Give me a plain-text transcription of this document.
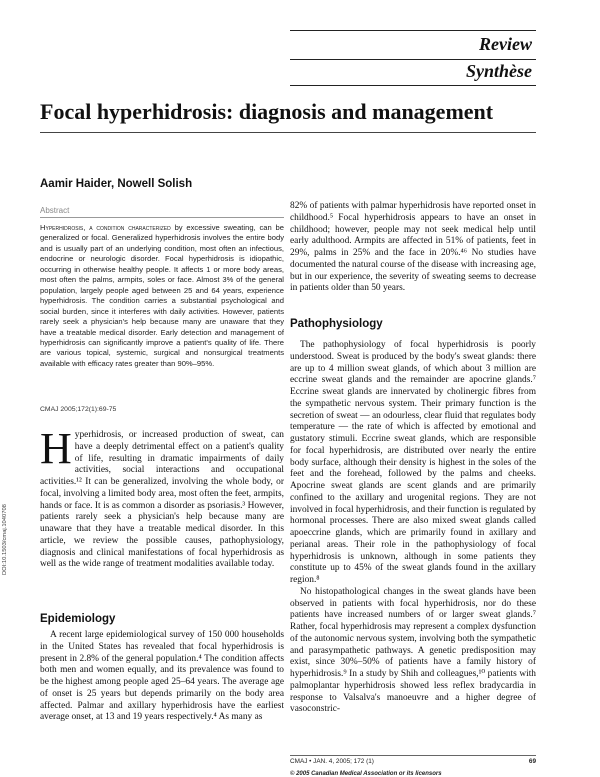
Review
Synthèse
Focal hyperhidrosis: diagnosis and management
Aamir Haider, Nowell Solish
Abstract
Hyperhidrosis, a condition characterized by excessive sweating, can be generalized or focal. Generalized hyperhidrosis involves the entire body and is usually part of an underlying condition, most often an infectious, endocrine or neurologic disorder. Focal hyperhidrosis is idiopathic, occurring in otherwise healthy people. It affects 1 or more body areas, most often the palms, armpits, soles or face. Almost 3% of the general population, largely people aged between 25 and 64 years, experience hyperhidrosis. The condition carries a substantial psychological and social burden, since it interferes with daily activities. However, patients rarely seek a physician's help because many are unaware that they have a treatable medical disorder. Early detection and management of hyperhidrosis can significantly improve a patient's quality of life. There are various topical, systemic, surgical and nonsurgical treatments available with efficacy rates greater than 90%–95%.
CMAJ 2005;172(1):69-75
H yperhidrosis, or increased production of sweat, can have a deeply detrimental effect on a patient's quality of life, resulting in dramatic impairments of daily activities, social interactions and occupational activities.¹² It can be generalized, involving the whole body, or focal, involving a limited body area, most often the feet, armpits, hands or face. It is as common a disorder as psoriasis.³ However, patients rarely seek a physician's help because many are unaware that they have a treatable medical disorder. In this article, we review the possible causes, pathophysiology, diagnosis and clinical manifestations of focal hyperhidrosis as well as the wide range of treatment modalities available today.
Epidemiology
A recent large epidemiological survey of 150 000 households in the United States has revealed that focal hyperhidrosis is present in 2.8% of the general population.⁴ The condition affects both men and women equally, and its prevalence was found to be the highest among people aged 25–64 years. The average age of onset is 25 years but depends primarily on the body area affected. Palmar and axillary hyperhidrosis have the earliest average onset, at 13 and 19 years respectively.⁴ As many as
82% of patients with palmar hyperhidrosis have reported onset in childhood.⁵ Focal hyperhidrosis appears to have an onset in childhood; however, people may not seek medical help until early adulthood. Armpits are affected in 51% of patients, feet in 29%, palms in 25% and the face in 20%.⁴⁶ No studies have documented the natural course of the disease with increasing age, but in our experience, the severity of sweating seems to decrease in patients older than 50 years.
Pathophysiology

The pathophysiology of focal hyperhidrosis is poorly understood. Sweat is produced by the body's sweat glands: there are up to 4 million sweat glands, of which about 3 million are eccrine sweat glands and the remainder are apocrine glands.⁷ Eccrine sweat glands are innervated by cholinergic fibres from the sympathetic nervous system. Their primary function is the secretion of sweat — an odourless, clear fluid that regulates body temperature — the rate of which is affected by emotional and gustatory stimuli. Eccrine sweat glands, which are responsible for focal hyperhidrosis, are distributed over nearly the entire body surface, although their density is highest in the soles of the feet and the forehead, followed by the palms and cheeks. Apocrine sweat glands are scent glands and are primarily confined to the axillary and urogenital regions. They are not involved in focal hyperhidrosis, and their function is regulated by hormonal processes. There are also mixed sweat glands called apoeccrine glands, which are primarily found in axillary and perianal areas. Their role in the pathophysiology of focal hyperhidrosis is unknown, although in some patients they constitute up to 45% of the sweat glands found in the axillary region.⁸

No histopathological changes in the sweat glands have been observed in patients with focal hyperhidrosis, nor do these patients have increased numbers of or larger sweat glands.⁷ Rather, focal hyperhidrosis may represent a complex dysfunction of the autonomic nervous system, involving both the sympathetic and parasympathetic pathways. A genetic predisposition may exist, since 30%–50% of patients have a family history of hyperhidrosis.⁹ In a study by Shih and colleagues,¹⁰ patients with palmoplantar hyperhidrosis showed less reflex bradycardia in response to Valsalva's manoeuvre and a higher degree of vasoconstric-

DOI:10.1503/cmaj.1040708
CMAJ • JAN. 4, 2005; 172 (1)	69
© 2005 Canadian Medical Association or its licensors
